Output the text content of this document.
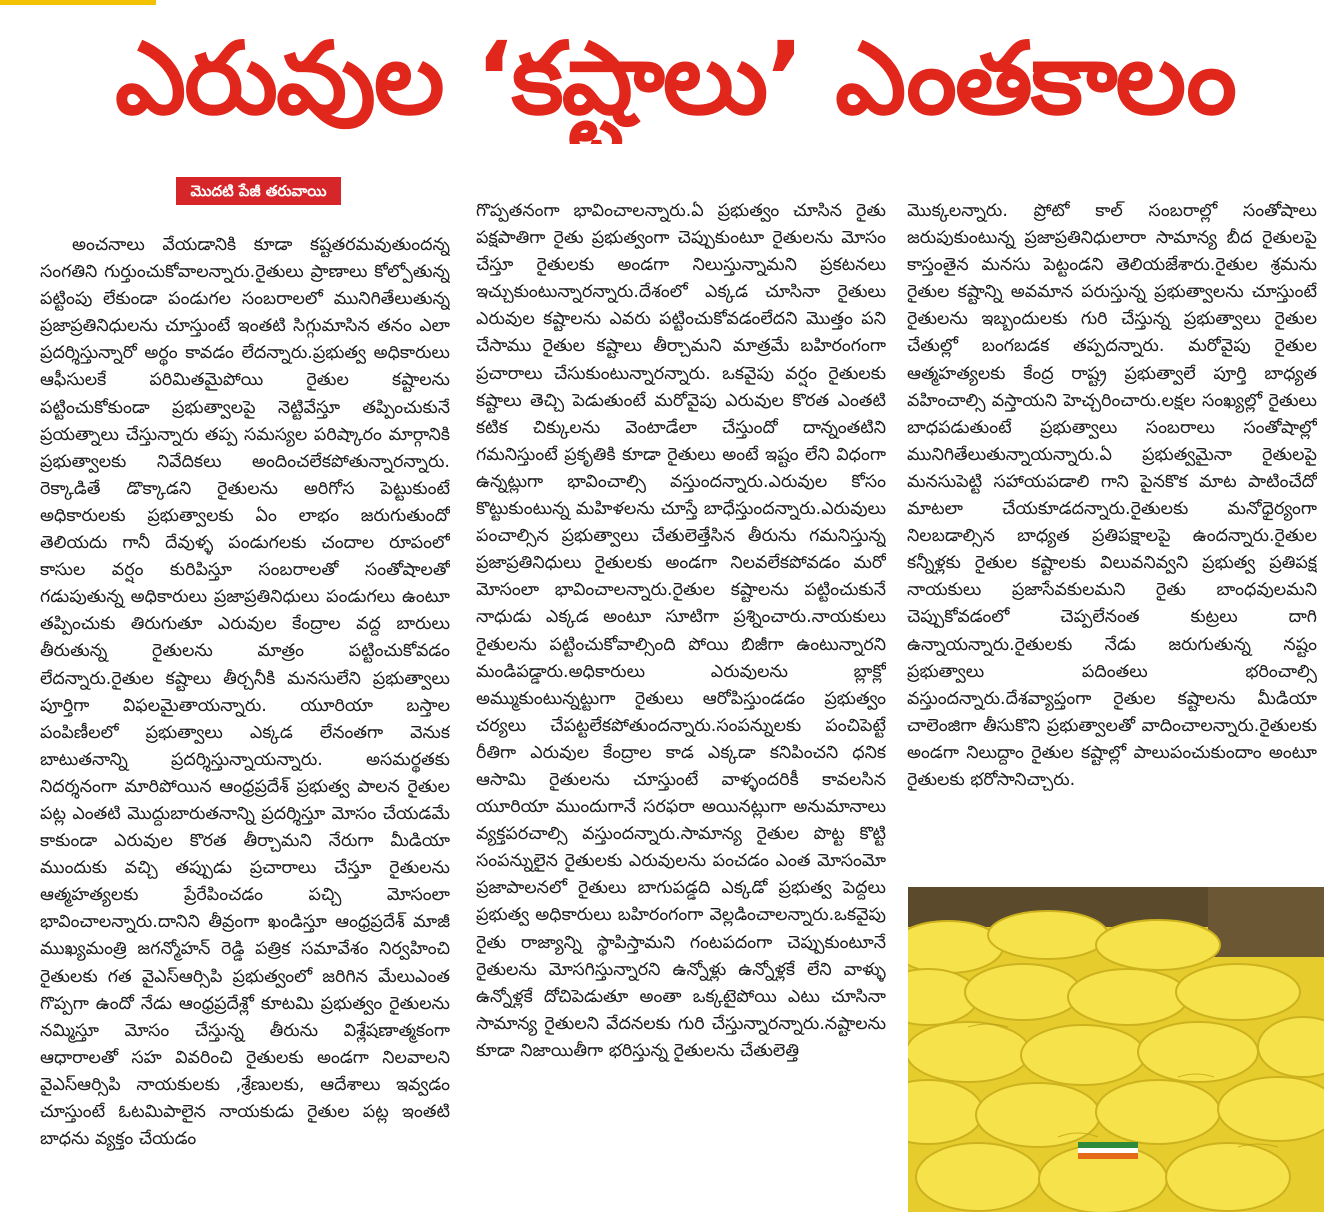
ఎరువుల ‘కష్టాలు’ ఎంతకాలం
మొదటి పేజీ తరువాయి

అంచనాలు వేయడానికి కూడా కష్టతరమవుతుందన్న సంగతిని గుర్తుంచుకోవాలన్నారు.రైతులు ప్రాణాలు కోల్పోతున్న పట్టింపు లేకుండా పండుగల సంబరాలలో మునిగితేలుతున్న ప్రజాప్రతినిధులను చూస్తుంటే ఇంతటి సిగ్గుమాసిన తనం ఎలా ప్రదర్శిస్తున్నారో అర్థం కావడం లేదన్నారు.ప్రభుత్వ అధికారులు ఆఫీసులకే పరిమితమైపోయి రైతుల కష్టాలను పట్టించుకోకుండా ప్రభుత్వాలపై నెట్టివేస్తూ తప్పించుకునే ప్రయత్నాలు చేస్తున్నారు తప్ప సమస్యల పరిష్కారం మార్గానికి ప్రభుత్వాలకు నివేదికలు అందించలేకపోతున్నారన్నారు. రెక్కాడితే డొక్కాడని రైతులను అరిగోస పెట్టుకుంటే అధికారులకు ప్రభుత్వాలకు ఏం లాభం జరుగుతుందో తెలియదు గానీ దేవుళ్ళ పండుగలకు చందాల రూపంలో కాసుల వర్షం కురిపిస్తూ సంబరాలతో సంతోషాలతో గడుపుతున్న అధికారులు ప్రజాప్రతినిధులు పండుగలు ఉంటూ తప్పించుకు తిరుగుతూ ఎరువుల కేంద్రాల వద్ద బారులు తీరుతున్న రైతులను మాత్రం పట్టించుకోవడం లేదన్నారు.రైతుల కష్టాలు తీర్చనీకి మనసులేని ప్రభుత్వాలు పూర్తిగా విఫలమైతాయన్నారు. యూరియా బస్తాల పంపిణీలలో ప్రభుత్వాలు ఎక్కడ లేనంతగా వెనుక బాటుతనాన్ని ప్రదర్శిస్తున్నాయన్నారు. అసమర్థతకు నిదర్శనంగా మారిపోయిన ఆంధ్రప్రదేశ్ ప్రభుత్వ పాలన రైతుల పట్ల ఎంతటి మొద్దుబారుతనాన్ని ప్రదర్శిస్తూ మోసం చేయడమే కాకుండా ఎరువుల కొరత తీర్చామని నేరుగా మీడియా ముందుకు వచ్చి తప్పుడు ప్రచారాలు చేస్తూ రైతులను ఆత్మహత్యలకు ప్రేరేపించడం పచ్చి మోసంలా భావించాలన్నారు.దానిని తీవ్రంగా ఖండిస్తూ ఆంధ్రప్రదేశ్ మాజీ ముఖ్యమంత్రి జగన్మోహన్ రెడ్డి పత్రిక సమావేశం నిర్వహించి రైతులకు గత వైఎస్ఆర్సిపి ప్రభుత్వంలో జరిగిన మేలుఎంత గొప్పగా ఉందో నేడు ఆంధ్రప్రదేశ్లో కూటమి ప్రభుత్వం రైతులను నమ్మిస్తూ మోసం చేస్తున్న తీరును విశ్లేషణాత్మకంగా ఆధారాలతో సహ వివరించి రైతులకు అండగా నిలవాలని వైఎస్ఆర్సిపి నాయకులకు ,శ్రేణులకు, ఆదేశాలు ఇవ్వడం చూస్తుంటే ఓటమిపాలైన నాయకుడు రైతుల పట్ల ఇంతటి బాధను వ్యక్తం చేయడం

గొప్పతనంగా భావించాలన్నారు.ఏ ప్రభుత్వం చూసిన రైతు పక్షపాతిగా రైతు ప్రభుత్వంగా చెప్పుకుంటూ రైతులను మోసం చేస్తూ రైతులకు అండగా నిలుస్తున్నామని ప్రకటనలు ఇచ్చుకుంటున్నారన్నారు.దేశంలో ఎక్కడ చూసినా రైతులు ఎరువుల కష్టాలను ఎవరు పట్టించుకోవడంలేదని మొత్తం పని చేసాము రైతుల కష్టాలు తీర్చామని మాత్రమే బహిరంగంగా ప్రచారాలు చేసుకుంటున్నారన్నారు. ఒకవైపు వర్షం రైతులకు కష్టాలు తెచ్చి పెడుతుంటే మరోవైపు ఎరువుల కొరత ఎంతటి కటిక చిక్కులను వెంటాడేలా చేస్తుందో దాన్నంతటిని గమనిస్తుంటే ప్రకృతికి కూడా రైతులు అంటే ఇష్టం లేని విధంగా ఉన్నట్లుగా భావించాల్సి వస్తుందన్నారు.ఎరువుల కోసం కొట్టుకుంటున్న మహిళలను చూస్తే బాధేస్తుందన్నారు.ఎరువులు పంచాల్సిన ప్రభుత్వాలు చేతులెత్తేసిన తీరును గమనిస్తున్న ప్రజాప్రతినిధులు రైతులకు అండగా నిలవలేకపోవడం మరో మోసంలా భావించాలన్నారు.రైతుల కష్టాలను పట్టించుకునే నాధుడు ఎక్కడ అంటూ సూటిగా ప్రశ్నించారు.నాయకులు రైతులను పట్టించుకోవాల్సింది పోయి బిజీగా ఉంటున్నారని మండిపడ్డారు.అధికారులు ఎరువులను బ్లాక్లో అమ్ముకుంటున్నట్టుగా రైతులు ఆరోపిస్తుండడం ప్రభుత్వం చర్యలు చేపట్టలేకపోతుందన్నారు.సంపన్నులకు పంచిపెట్టే రీతిగా ఎరువుల కేంద్రాల కాడ ఎక్కడా కనిపించని ధనిక ఆసామి రైతులను చూస్తుంటే వాళ్ళందరికీ కావలసిన యూరియా ముందుగానే సరఫరా అయినట్లుగా అనుమానాలు వ్యక్తపరచాల్సి వస్తుందన్నారు.సామాన్య రైతుల పొట్ట కొట్టి సంపన్నులైన రైతులకు ఎరువులను పంచడం ఎంత మోసంమో ప్రజాపాలనలో రైతులు బాగుపడ్డది ఎక్కడో ప్రభుత్వ పెద్దలు ప్రభుత్వ అధికారులు బహిరంగంగా వెల్లడించాలన్నారు.ఒకవైపు రైతు రాజ్యాన్ని స్థాపిస్తామని గంటపదంగా చెప్పుకుంటూనే రైతులను మోసగిస్తున్నారని ఉన్నోళ్లు ఉన్నోళ్లకే లేని వాళ్ళు ఉన్నోళ్లకే దోచిపెడుతూ అంతా ఒక్కటైపోయి ఎటు చూసినా సామాన్య రైతులని వేదనలకు గురి చేస్తున్నారన్నారు.నష్టాలను కూడా నిజాయితీగా భరిస్తున్న రైతులను చేతులెత్తి

మొక్కలన్నారు. ప్రోటో కాల్ సంబరాల్లో సంతోషాలు జరుపుకుంటున్న ప్రజాప్రతినిధులారా సామాన్య బీద రైతులపై కాస్తంతైన మనసు పెట్టండని తెలియజేశారు.రైతుల శ్రమను రైతుల కష్టాన్ని అవమాన పరుస్తున్న ప్రభుత్వాలను చూస్తుంటే రైతులను ఇబ్బందులకు గురి చేస్తున్న ప్రభుత్వాలు రైతుల చేతుల్లో బంగబడక తప్పదన్నారు. మరోవైపు రైతుల ఆత్మహత్యలకు కేంద్ర రాష్ట్ర ప్రభుత్వాలే పూర్తి బాధ్యత వహించాల్సి వస్తాయని హెచ్చరించారు.లక్షల సంఖ్యల్లో రైతులు బాధపడుతుంటే ప్రభుత్వాలు సంబరాలు సంతోషాల్లో మునిగితేలుతున్నాయన్నారు.ఏ ప్రభుత్వమైనా రైతులపై మనసుపెట్టి సహాయపడాలి గాని పైనకొక మాట పాటించేదో మాటలా చేయకూడదన్నారు.రైతులకు మనోధైర్యంగా నిలబడాల్సిన బాధ్యత ప్రతిపక్షాలపై ఉందన్నారు.రైతుల కన్నీళ్లకు రైతుల కష్టాలకు విలువనివ్వని ప్రభుత్వ ప్రతిపక్ష నాయకులు ప్రజాసేవకులమని రైతు బాంధవులమని చెప్పుకోవడంలో చెప్పలేనంత కుట్రలు దాగి ఉన్నాయన్నారు.రైతులకు నేడు జరుగుతున్న నష్టం ప్రభుత్వాలు పదింతలు భరించాల్సి వస్తుందన్నారు.దేశవ్యాప్తంగా రైతుల కష్టాలను మీడియా చాలెంజిగా తీసుకొని ప్రభుత్వాలతో వాదించాలన్నారు.రైతులకు అండగా నిలుద్దాం రైతుల కష్టాల్లో పాలుపంచుకుందాం అంటూ రైతులకు భరోసానిచ్చారు.
